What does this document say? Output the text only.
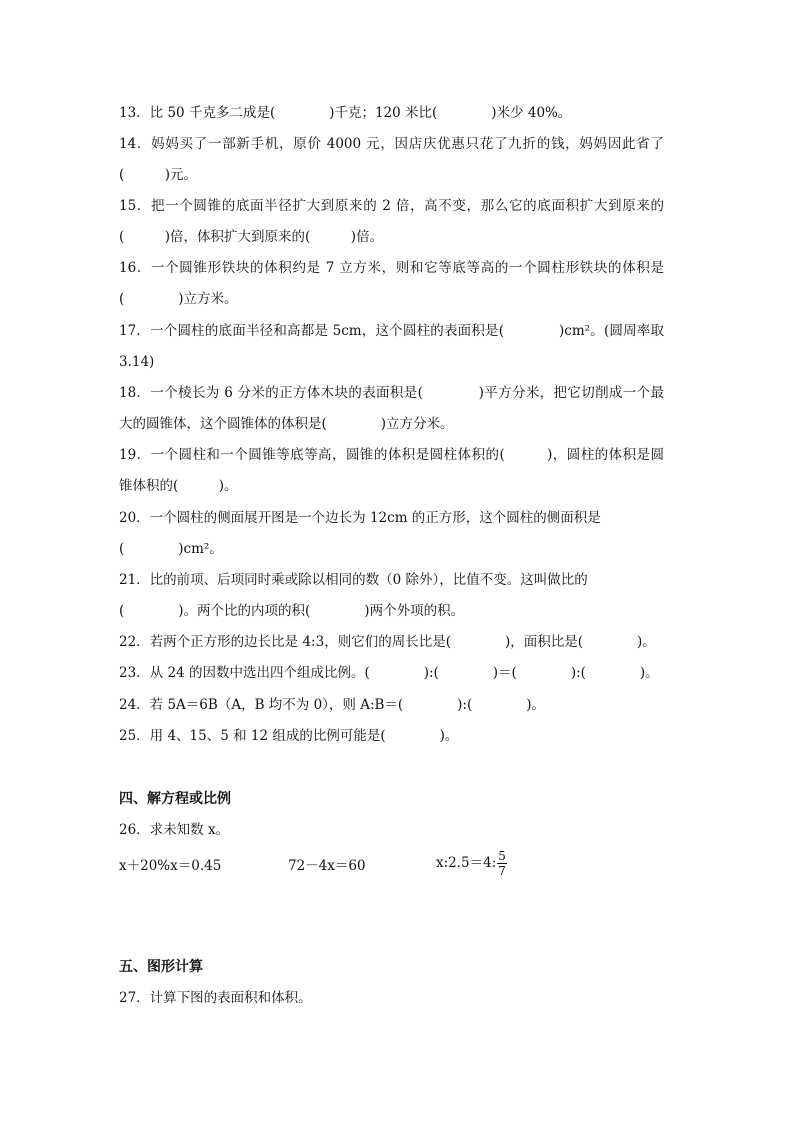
13．比 50 千克多二成是(　　　　)千克；120 米比(　　　　)米少 40%。
14．妈妈买了一部新手机，原价 4000 元，因店庆优惠只花了九折的钱，妈妈因此省了
(　　　)元。
15．把一个圆锥的底面半径扩大到原来的 2 倍，高不变，那么它的底面积扩大到原来的
(　　　)倍，体积扩大到原来的(　　　)倍。
16．一个圆锥形铁块的体积约是 7 立方米，则和它等底等高的一个圆柱形铁块的体积是
(　　　　)立方米。
17．一个圆柱的底面半径和高都是 5cm，这个圆柱的表面积是(　　　　)cm²。(圆周率取
3.14)
18．一个棱长为 6 分米的正方体木块的表面积是(　　　　)平方分米，把它切削成一个最
大的圆锥体，这个圆锥体的体积是(　　　　)立方分米。
19．一个圆柱和一个圆锥等底等高，圆锥的体积是圆柱体积的(　　　)，圆柱的体积是圆
锥体积的(　　　)。
20．一个圆柱的侧面展开图是一个边长为 12cm 的正方形，这个圆柱的侧面积是
(　　　　)cm²。
21．比的前项、后项同时乘或除以相同的数（0 除外），比值不变。这叫做比的
(　　　　)。两个比的内项的积(　　　　)两个外项的积。
22．若两个正方形的边长比是 4:3，则它们的周长比是(　　　　)，面积比是(　　　　)。
23．从 24 的因数中选出四个组成比例。(　　　　):(　　　　)＝(　　　　):(　　　　)。
24．若 5A＝6B（A，B 均不为 0），则 A:B＝(　　　　):(　　　　)。
25．用 4、15、5 和 12 组成的比例可能是(　　　　)。
四、解方程或比例
26．求未知数 x。
x＋20%x＝0.45	72－4x＝60	x:2.5＝4: $\frac{5}{7}$
五、图形计算
27．计算下图的表面积和体积。
